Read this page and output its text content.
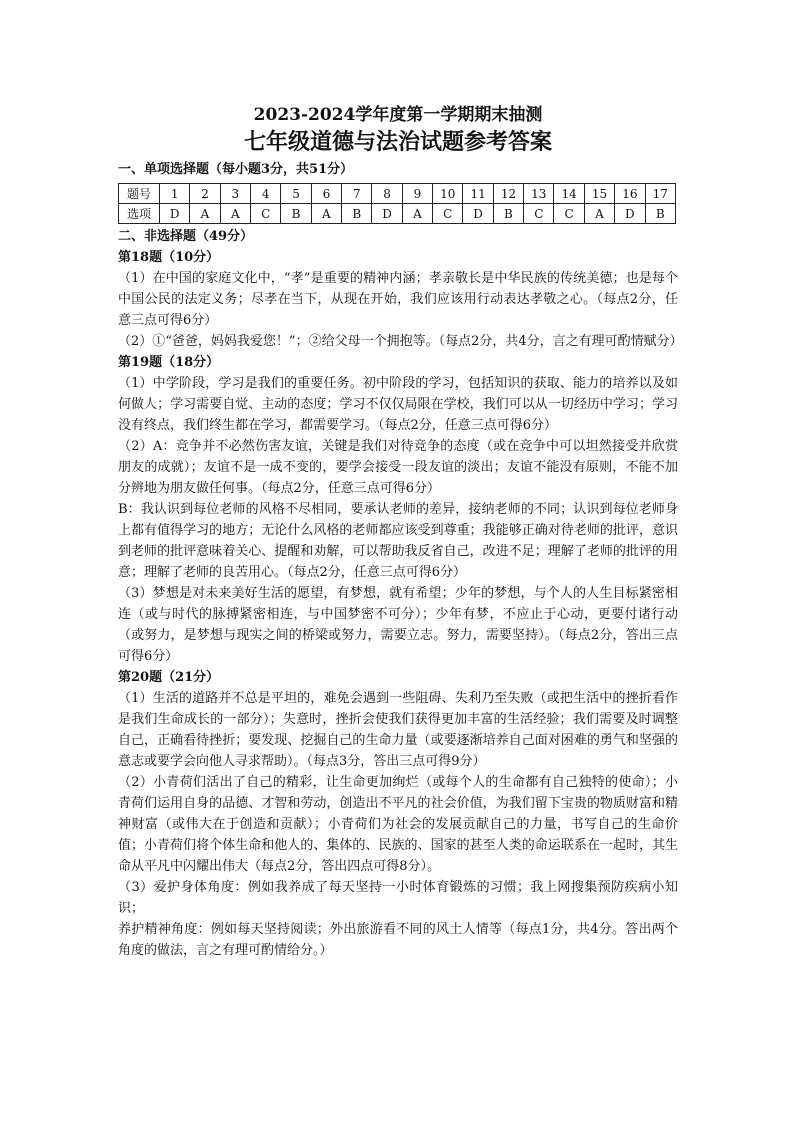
2023-2024学年度第一学期期末抽测
七年级道德与法治试题参考答案
一、单项选择题（每小题3分，共51分）
题号	1	2	3	4	5	6	7	8	9	10	11	12	13	14	15	16	17
选项	D	A	A	C	B	A	B	D	A	C	D	B	C	C	A	D	B
二、非选择题（49分）
第18题（10分）

（1）在中国的家庭文化中，“孝”是重要的精神内涵；孝亲敬长是中华民族的传统美德；也是每个中国公民的法定义务；尽孝在当下，从现在开始，我们应该用行动表达孝敬之心。（每点2分，任意三点可得6分）

（2）①“爸爸，妈妈我爱您！”；②给父母一个拥抱等。（每点2分，共4分，言之有理可酌情赋分）

第19题（18分）

（1）中学阶段，学习是我们的重要任务。初中阶段的学习，包括知识的获取、能力的培养以及如何做人；学习需要自觉、主动的态度；学习不仅仅局限在学校，我们可以从一切经历中学习；学习没有终点，我们终生都在学习，都需要学习。（每点2分，任意三点可得6分）

（2）A：竞争并不必然伤害友谊，关键是我们对待竞争的态度（或在竞争中可以坦然接受并欣赏朋友的成就）；友谊不是一成不变的，要学会接受一段友谊的淡出；友谊不能没有原则，不能不加分辨地为朋友做任何事。（每点2分，任意三点可得6分）

B：我认识到每位老师的风格不尽相同，要承认老师的差异，接纳老师的不同；认识到每位老师身上都有值得学习的地方；无论什么风格的老师都应该受到尊重；我能够正确对待老师的批评，意识到老师的批评意味着关心、提醒和劝解，可以帮助我反省自己，改进不足；理解了老师的批评的用意；理解了老师的良苦用心。（每点2分，任意三点可得6分）

（3）梦想是对未来美好生活的愿望，有梦想，就有希望；少年的梦想，与个人的人生目标紧密相连（或与时代的脉搏紧密相连，与中国梦密不可分）；少年有梦，不应止于心动，更要付诸行动（或努力，是梦想与现实之间的桥梁或努力，需要立志。努力，需要坚持）。（每点2分，答出三点可得6分）

第20题（21分）

（1）生活的道路并不总是平坦的，难免会遇到一些阻碍、失利乃至失败（或把生活中的挫折看作是我们生命成长的一部分）；失意时，挫折会使我们获得更加丰富的生活经验；我们需要及时调整自己，正确看待挫折；要发现、挖掘自己的生命力量（或要逐渐培养自己面对困难的勇气和坚强的意志或要学会向他人寻求帮助）。（每点3分，答出三点可得9分）

（2）小青荷们活出了自己的精彩，让生命更加绚烂（或每个人的生命都有自己独特的使命）；小青荷们运用自身的品德、才智和劳动，创造出不平凡的社会价值，为我们留下宝贵的物质财富和精神财富（或伟大在于创造和贡献）；小青荷们为社会的发展贡献自己的力量，书写自己的生命价值；小青荷们将个体生命和他人的、集体的、民族的、国家的甚至人类的命运联系在一起时，其生命从平凡中闪耀出伟大（每点2分，答出四点可得8分）。

（3）爱护身体角度：例如我养成了每天坚持一小时体育锻炼的习惯；我上网搜集预防疾病小知识；

养护精神角度：例如每天坚持阅读；外出旅游看不同的风土人情等（每点1分，共4分。答出两个角度的做法，言之有理可酌情给分。）
